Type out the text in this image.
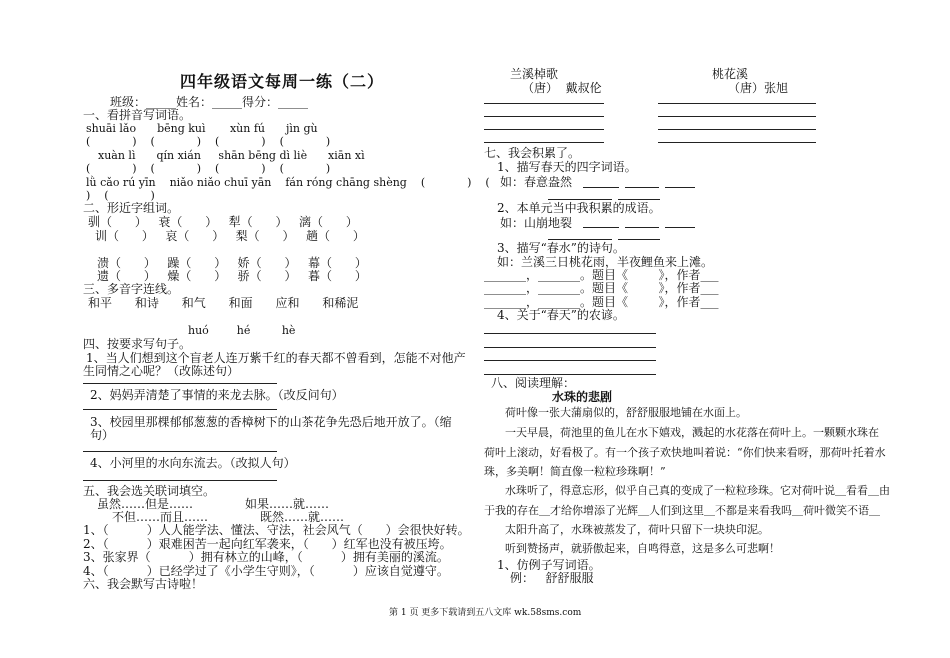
四年级语文每周一练（二）
班级：_____姓名：_____得分：_____
一、看拼音写词语。
shuāi lǎo      bēng kuì       xùn fú      jìn gù
(            )    (            )    (            )    (            )
xuàn lì      qín xián     shān bēng dì liè      xiān xì
(            )    (            )    (            )    (            )
lǜ cǎo rú yīn    niǎo niǎo chuī yān    fán róng chāng shèng    (            )    (
)    (            )
二、形近字组词。
驯（      ）   衰（      ）   犁（      ）   漓（      ）
训（      ）   哀（      ）   梨（      ）   趟（      ）
溃（      ）   躁（      ）   娇（      ）   幕（      ）
遗（      ）   燥（      ）   骄（      ）   暮（      ）
三、多音字连线。
和平      和诗      和气      和面      应和      和稀泥
huó        hé         hè
四、按要求写句子。
1、当人们想到这个盲老人连万紫千红的春天都不曾看到，怎能不对他产
生同情之心呢？（改陈述句）
2、妈妈弄清楚了事情的来龙去脉。（改反问句）
3、校园里那棵郁郁葱葱的香樟树下的山茶花争先恐后地开放了。（缩
句）
4、小河里的水向东流去。（改拟人句）
五、我会选关联词填空。
虽然……但是……	如果……就……
不但……而且……	既然……就……
1、（          ）人人能学法、懂法、守法，社会风气（      ）会很快好转。
2、（          ）艰难困苦一起向红军袭来，（      ）红军也没有被压垮。
3、张家界（          ）拥有林立的山峰，（          ）拥有美丽的溪流。
4、（          ）已经学过了《小学生守则》，（          ）应该自觉遵守。
六、我会默写古诗啦！
兰溪棹歌
（唐）  戴叔伦
桃花溪
（唐）张旭
七、我会积累了。
1、描写春天的四字词语。
如：春意盎然
2、本单元当中我积累的成语。
如：山崩地裂
3、描写“春水”的诗句。
如：兰溪三日桃花雨，半夜鲤鱼来上滩。
_______，_______。题目《        》，作者___
_______，_______。题目《        》，作者___
_______，_______。题目《        》，作者___
4、关于“春天”的农谚。
八、阅读理解：
水珠的悲剧
荷叶像一张大蒲扇似的，舒舒服服地铺在水面上。
一天早晨，荷池里的鱼儿在水下嬉戏，溅起的水花落在荷叶上。一颗颗水珠在
荷叶上滚动，好看极了。有一个孩子欢快地叫着说：“你们快来看呀，那荷叶托着水
珠，多美啊！简直像一粒粒珍珠啊！”
水珠听了，得意忘形，似乎自己真的变成了一粒粒珍珠。它对荷叶说＿看看＿由
于我的存在＿才给你增添了光辉＿人们到这里＿不都是来看我吗＿荷叶微笑不语＿
太阳升高了，水珠被蒸发了，荷叶只留下一块块印泥。
听到赞扬声，就骄傲起来，自鸣得意，这是多么可悲啊！
1、仿例子写词语。
例：   舒舒服服
第 1 页 更多下载请到五八文库 wk.58sms.com
